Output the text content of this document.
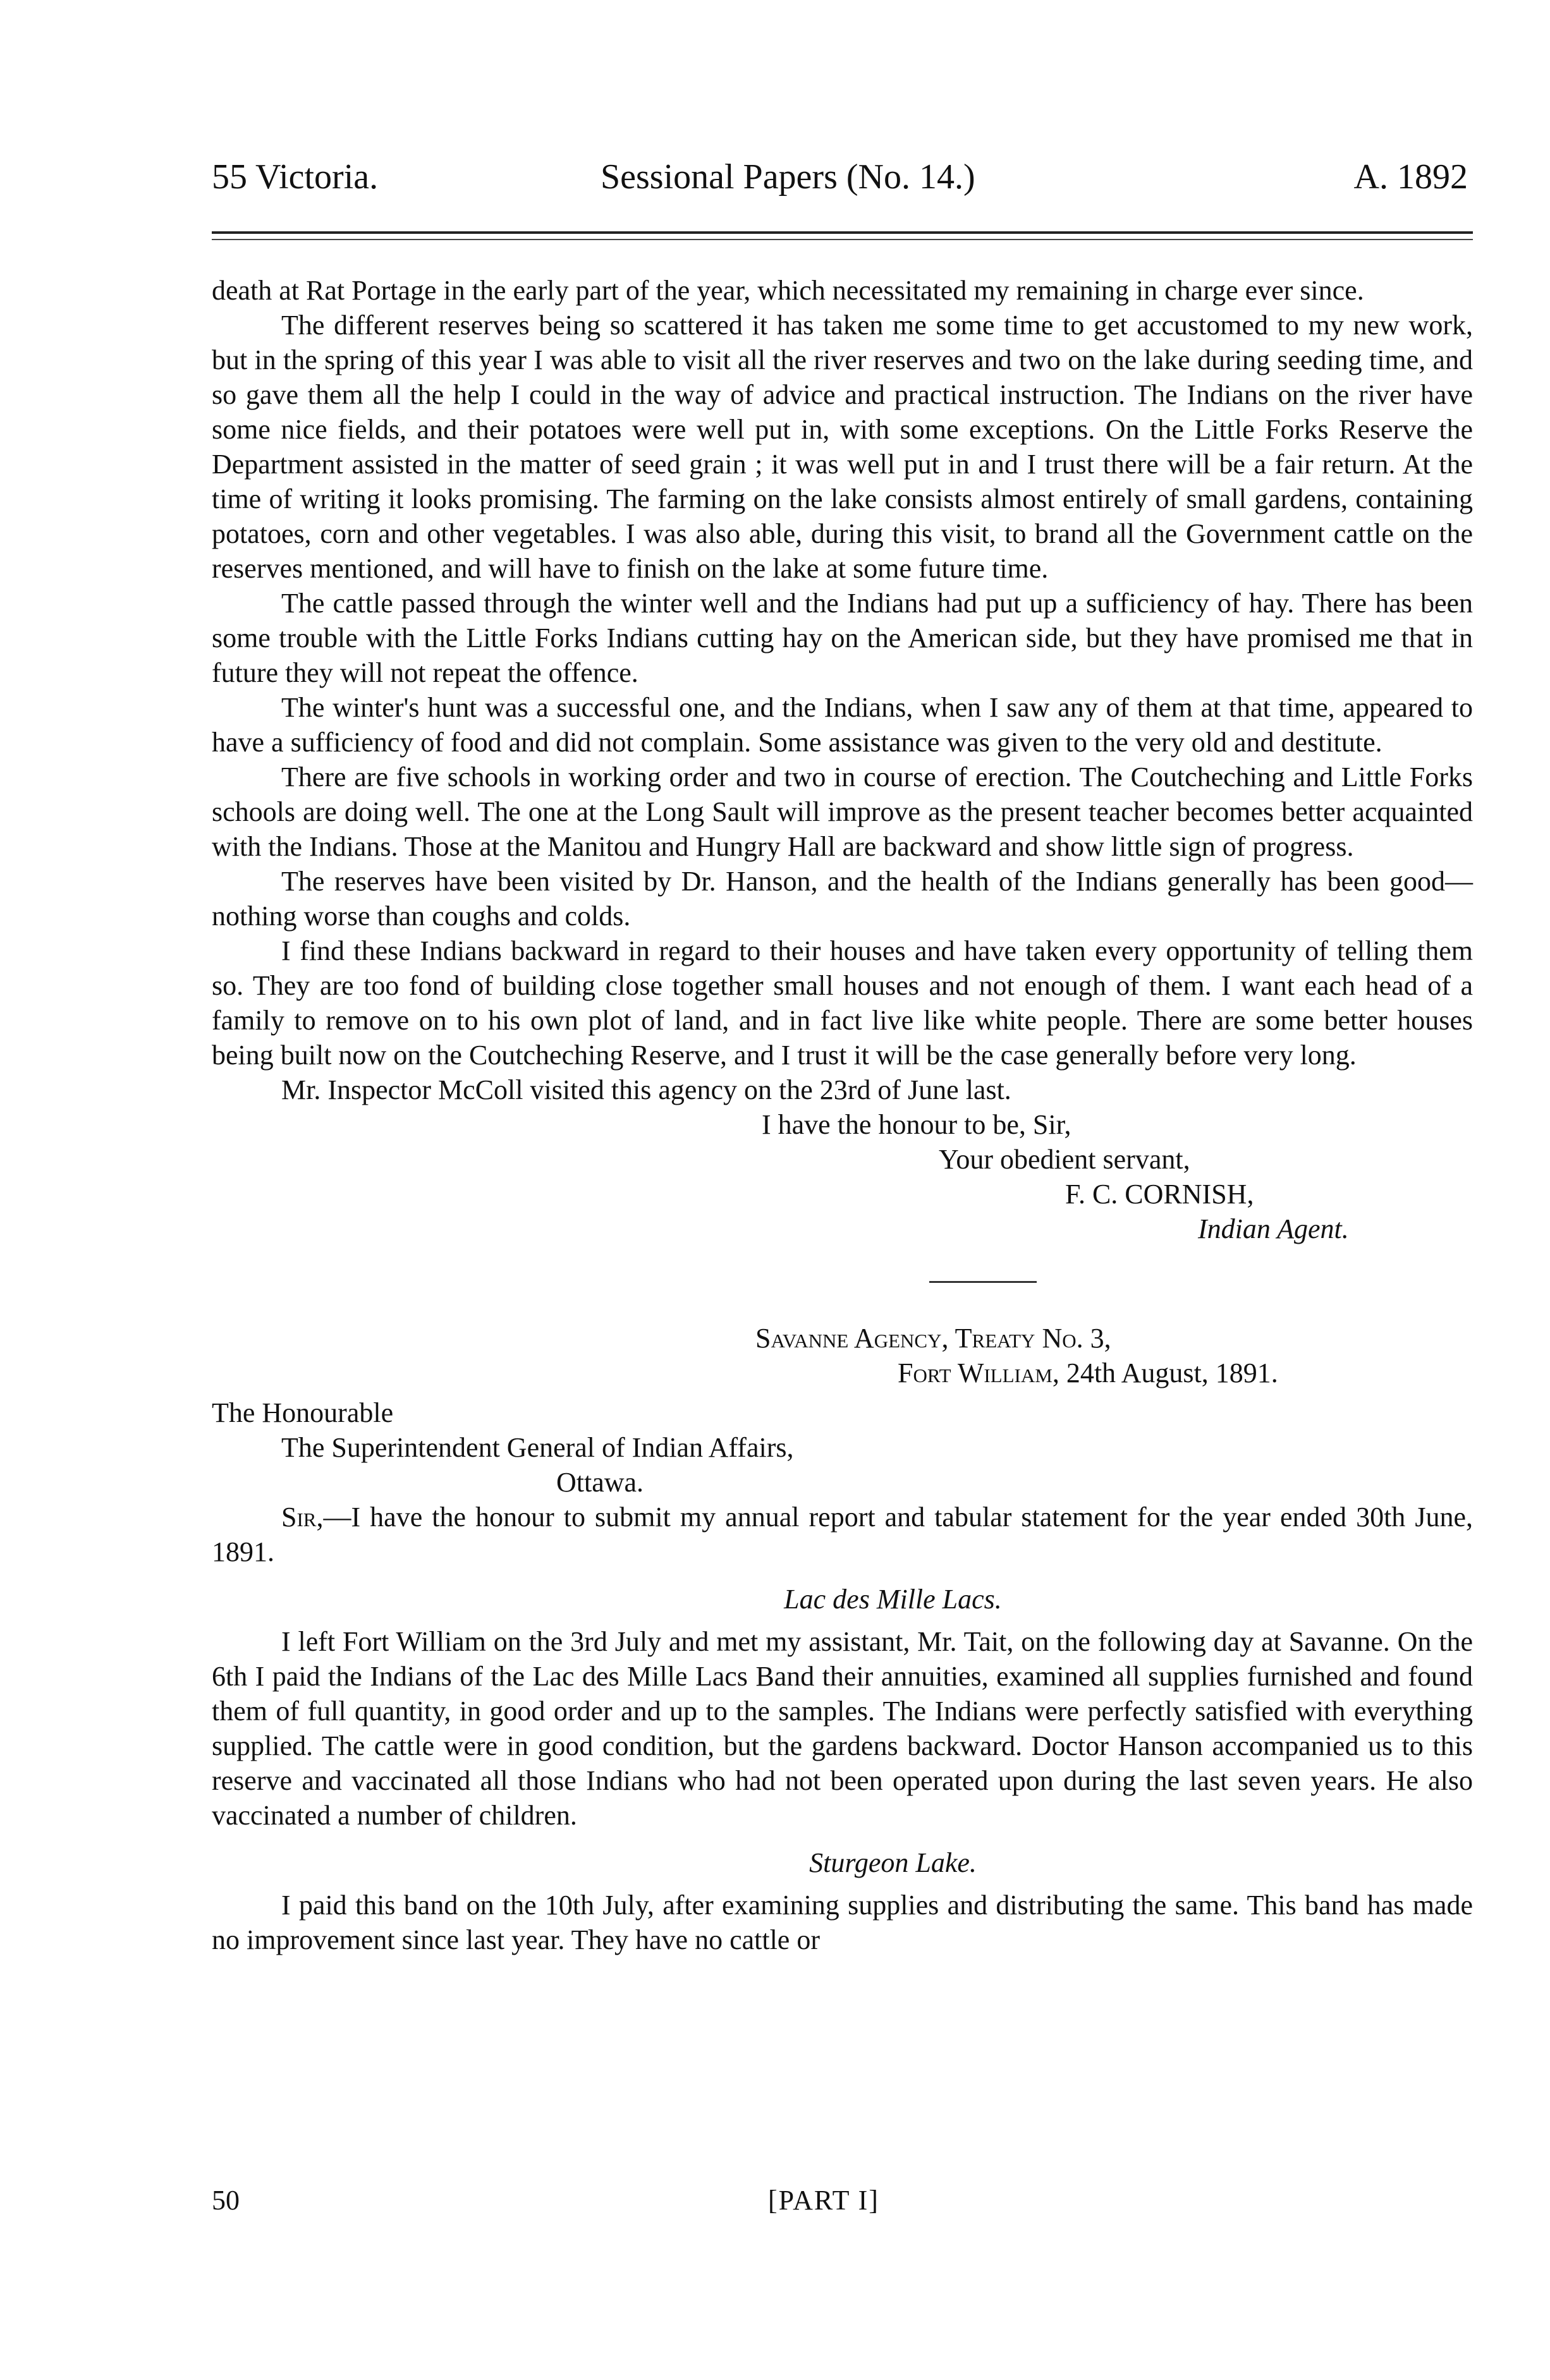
55 Victoria.	Sessional Papers (No. 14.)	A. 1892

death at Rat Portage in the early part of the year, which necessitated my remaining in charge ever since.

The different reserves being so scattered it has taken me some time to get accustomed to my new work, but in the spring of this year I was able to visit all the river reserves and two on the lake during seeding time, and so gave them all the help I could in the way of advice and practical instruction. The Indians on the river have some nice fields, and their potatoes were well put in, with some exceptions. On the Little Forks Reserve the Department assisted in the matter of seed grain ; it was well put in and I trust there will be a fair return. At the time of writing it looks promising. The farming on the lake consists almost entirely of small gardens, containing potatoes, corn and other vegetables. I was also able, during this visit, to brand all the Government cattle on the reserves mentioned, and will have to finish on the lake at some future time.

The cattle passed through the winter well and the Indians had put up a sufficiency of hay. There has been some trouble with the Little Forks Indians cutting hay on the American side, but they have promised me that in future they will not repeat the offence.

The winter's hunt was a successful one, and the Indians, when I saw any of them at that time, appeared to have a sufficiency of food and did not complain. Some assistance was given to the very old and destitute.

There are five schools in working order and two in course of erection. The Coutcheching and Little Forks schools are doing well. The one at the Long Sault will improve as the present teacher becomes better acquainted with the Indians. Those at the Manitou and Hungry Hall are backward and show little sign of progress.

The reserves have been visited by Dr. Hanson, and the health of the Indians generally has been good—nothing worse than coughs and colds.

I find these Indians backward in regard to their houses and have taken every opportunity of telling them so. They are too fond of building close together small houses and not enough of them. I want each head of a family to remove on to his own plot of land, and in fact live like white people. There are some better houses being built now on the Coutcheching Reserve, and I trust it will be the case generally before very long.

Mr. Inspector McColl visited this agency on the 23rd of June last.

I have the honour to be, Sir,
Your obedient servant,
F. C. CORNISH,
Indian Agent.
Savanne Agency, Treaty No. 3,
Fort William, 24th August, 1891.
The Honourable
The Superintendent General of Indian Affairs,
Ottawa.

Sir,—I have the honour to submit my annual report and tabular statement for the year ended 30th June, 1891.

Lac des Mille Lacs.

I left Fort William on the 3rd July and met my assistant, Mr. Tait, on the following day at Savanne. On the 6th I paid the Indians of the Lac des Mille Lacs Band their annuities, examined all supplies furnished and found them of full quantity, in good order and up to the samples. The Indians were perfectly satisfied with everything supplied. The cattle were in good condition, but the gardens backward. Doctor Hanson accompanied us to this reserve and vaccinated all those Indians who had not been operated upon during the last seven years. He also vaccinated a number of children.

Sturgeon Lake.

I paid this band on the 10th July, after examining supplies and distributing the same. This band has made no improvement since last year. They have no cattle or

50	[PART I]
